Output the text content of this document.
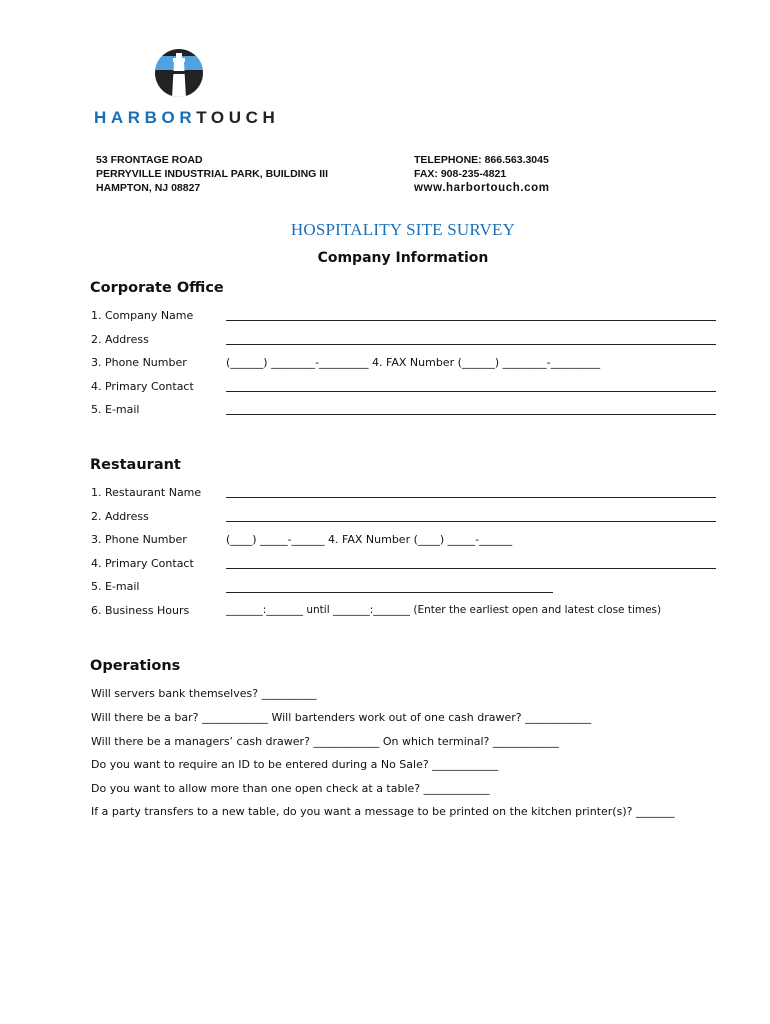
HARBORTOUCH
53 FRONTAGE ROAD
PERRYVILLE INDUSTRIAL PARK, BUILDING III
HAMPTON, NJ 08827
TELEPHONE: 866.563.3045
FAX: 908-235-4821
www.harbortouch.com
HOSPITALITY SITE SURVEY
Company Information
Corporate Office
1. Company Name
2. Address
3. Phone Number	(______) ________-_________ 4. FAX Number (______) ________-_________
4. Primary Contact
5. E-mail
Restaurant
1. Restaurant Name
2. Address
3. Phone Number	(____) _____-______ 4. FAX Number (____) _____-______
4. Primary Contact
5. E-mail
6. Business Hours	_______:_______ until _______:_______ (Enter the earliest open and latest close times)
Operations
Will servers bank themselves? __________
Will there be a bar? ____________ Will bartenders work out of one cash drawer? ____________
Will there be a managers’ cash drawer? ____________ On which terminal? ____________
Do you want to require an ID to be entered during a No Sale? ____________
Do you want to allow more than one open check at a table? ____________
If a party transfers to a new table, do you want a message to be printed on the kitchen printer(s)? _______
